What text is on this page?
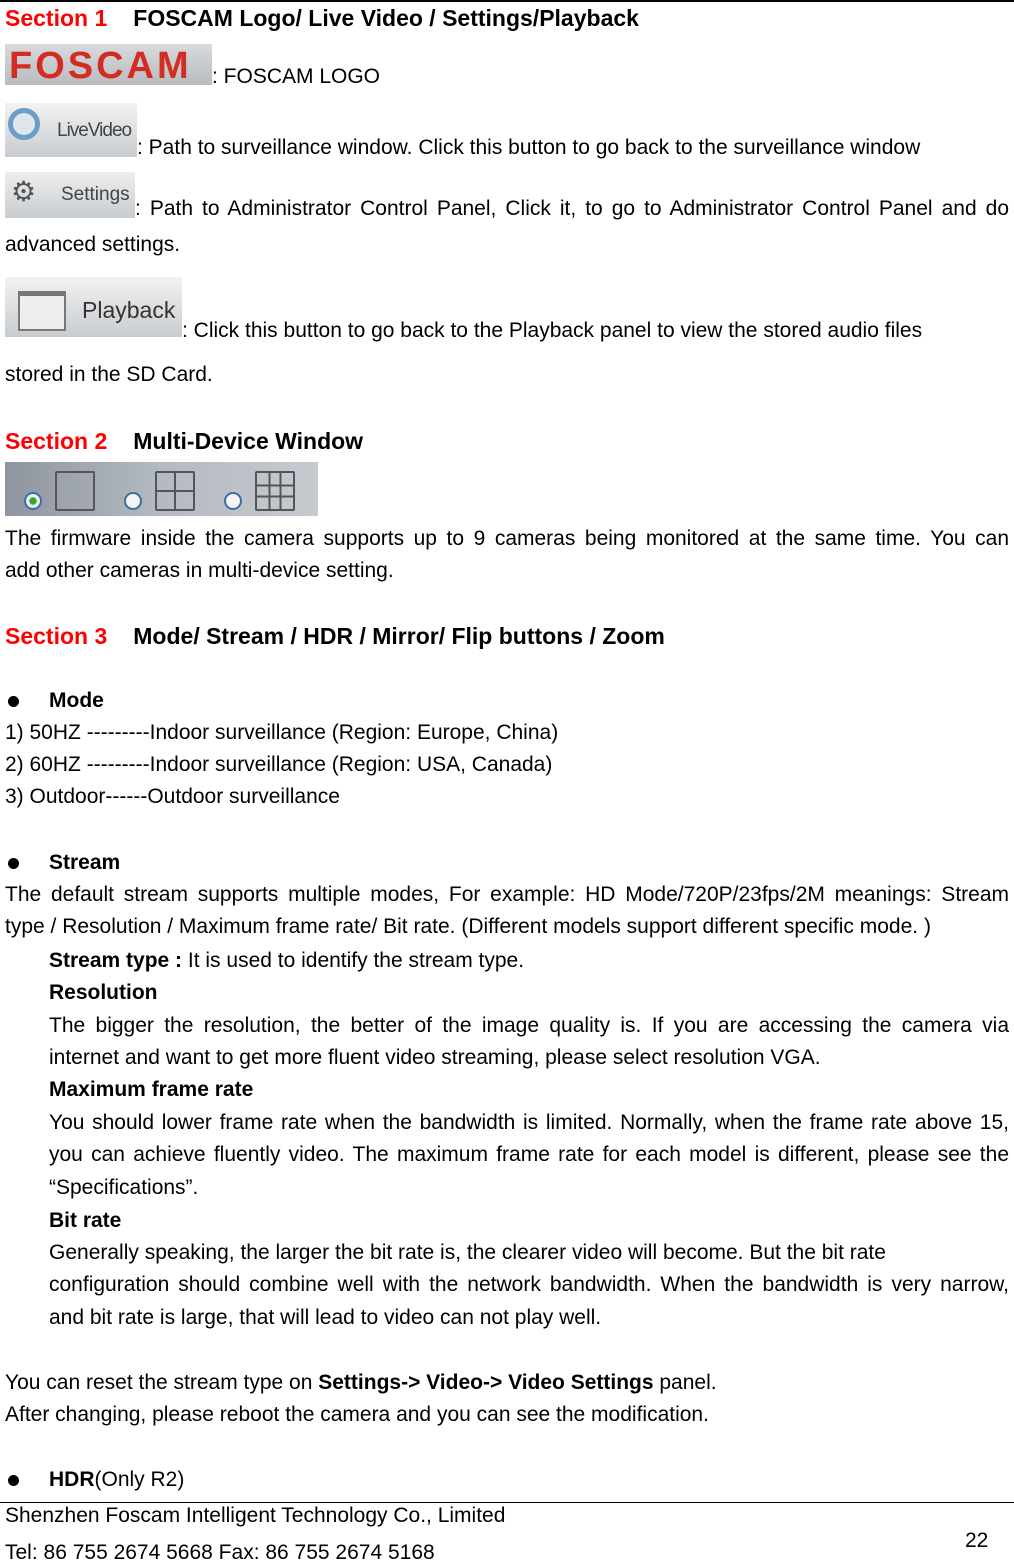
Section 1 FOSCAM Logo/ Live Video / Settings/Playback
FOSCAM : FOSCAM LOGO
LiveVideo
: Path to surveillance window. Click this button to go back to the surveillance window
⚙ Settings
: Path to Administrator Control Panel, Click it, to go to Administrator Control Panel and do
advanced settings.
Playback
: Click this button to go back to the Playback panel to view the stored audio files
stored in the SD Card.
Section 2 Multi-Device Window
The firmware inside the camera supports up to 9 cameras being monitored at the same time. You can
add other cameras in multi-device setting.
Section 3 Mode/ Stream / HDR / Mirror/ Flip buttons / Zoom
Mode
1) 50HZ ---------Indoor surveillance (Region: Europe, China)
2) 60HZ ---------Indoor surveillance (Region: USA, Canada)
3) Outdoor------Outdoor surveillance
Stream
The default stream supports multiple modes, For example: HD Mode/720P/23fps/2M meanings: Stream
type / Resolution / Maximum frame rate/ Bit rate. (Different models support different specific mode. )
Stream type : It is used to identify the stream type.
Resolution
The bigger the resolution, the better of the image quality is. If you are accessing the camera via
internet and want to get more fluent video streaming, please select resolution VGA.
Maximum frame rate
You should lower frame rate when the bandwidth is limited. Normally, when the frame rate above 15,
you can achieve fluently video. The maximum frame rate for each model is different, please see the
“Specifications”.
Bit rate
Generally speaking, the larger the bit rate is, the clearer video will become. But the bit rate
configuration should combine well with the network bandwidth. When the bandwidth is very narrow,
and bit rate is large, that will lead to video can not play well.
You can reset the stream type on Settings-> Video-> Video Settings panel.
After changing, please reboot the camera and you can see the modification.
HDR(Only R2)
Shenzhen Foscam Intelligent Technology Co., Limited
Tel: 86 755 2674 5668 Fax: 86 755 2674 5168
22
